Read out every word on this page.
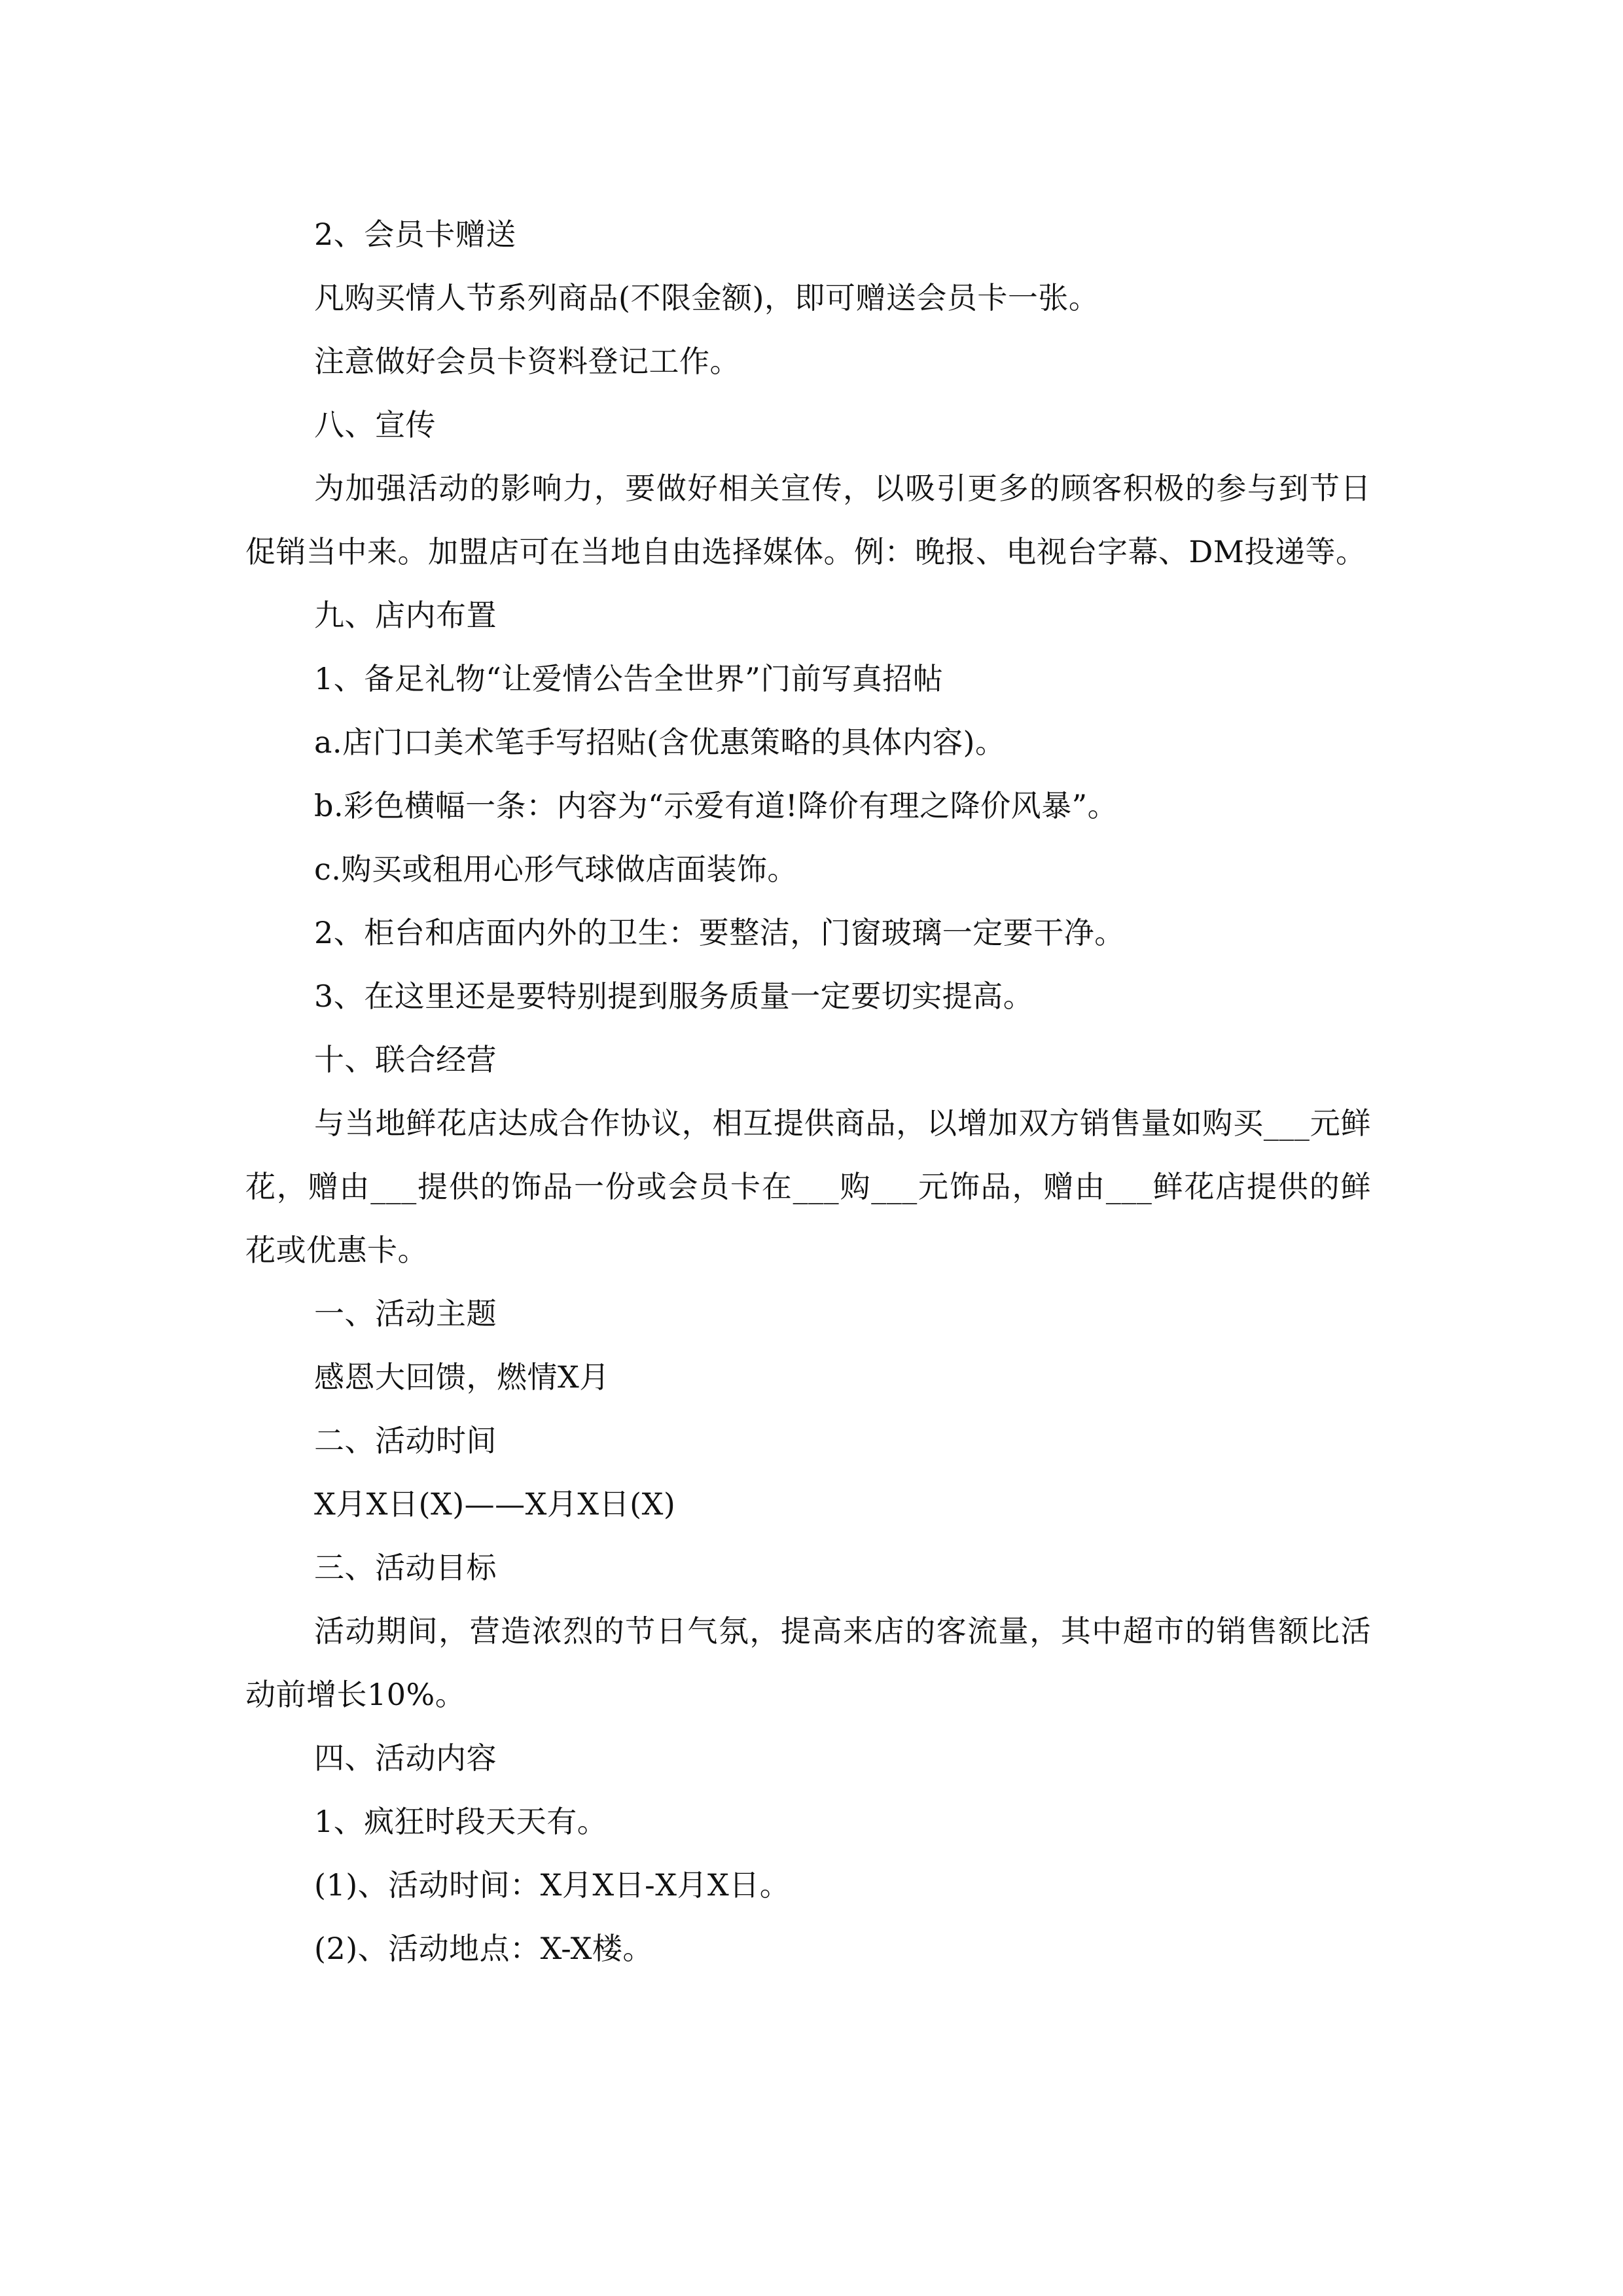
2、会员卡赠送

凡购买情人节系列商品(不限金额)，即可赠送会员卡一张。

注意做好会员卡资料登记工作。

八、宣传

为加强活动的影响力，要做好相关宣传，以吸引更多的顾客积极的参与到节日促销当中来。加盟店可在当地自由选择媒体。例：晚报、电视台字幕、DM投递等。

九、店内布置

1、备足礼物“让爱情公告全世界”门前写真招帖

a.店门口美术笔手写招贴(含优惠策略的具体内容)。

b.彩色横幅一条：内容为“示爱有道!降价有理之降价风暴”。

c.购买或租用心形气球做店面装饰。

2、柜台和店面内外的卫生：要整洁，门窗玻璃一定要干净。

3、在这里还是要特别提到服务质量一定要切实提高。

十、联合经营

与当地鲜花店达成合作协议，相互提供商品，以增加双方销售量如购买___元鲜花，赠由___提供的饰品一份或会员卡在___购___元饰品，赠由___鲜花店提供的鲜花或优惠卡。

一、活动主题

感恩大回馈，燃情X月

二、活动时间

X月X日(X)——X月X日(X)

三、活动目标

活动期间，营造浓烈的节日气氛，提高来店的客流量，其中超市的销售额比活动前增长10%。

四、活动内容

1、疯狂时段天天有。

(1)、活动时间：X月X日-X月X日。

(2)、活动地点：X-X楼。
